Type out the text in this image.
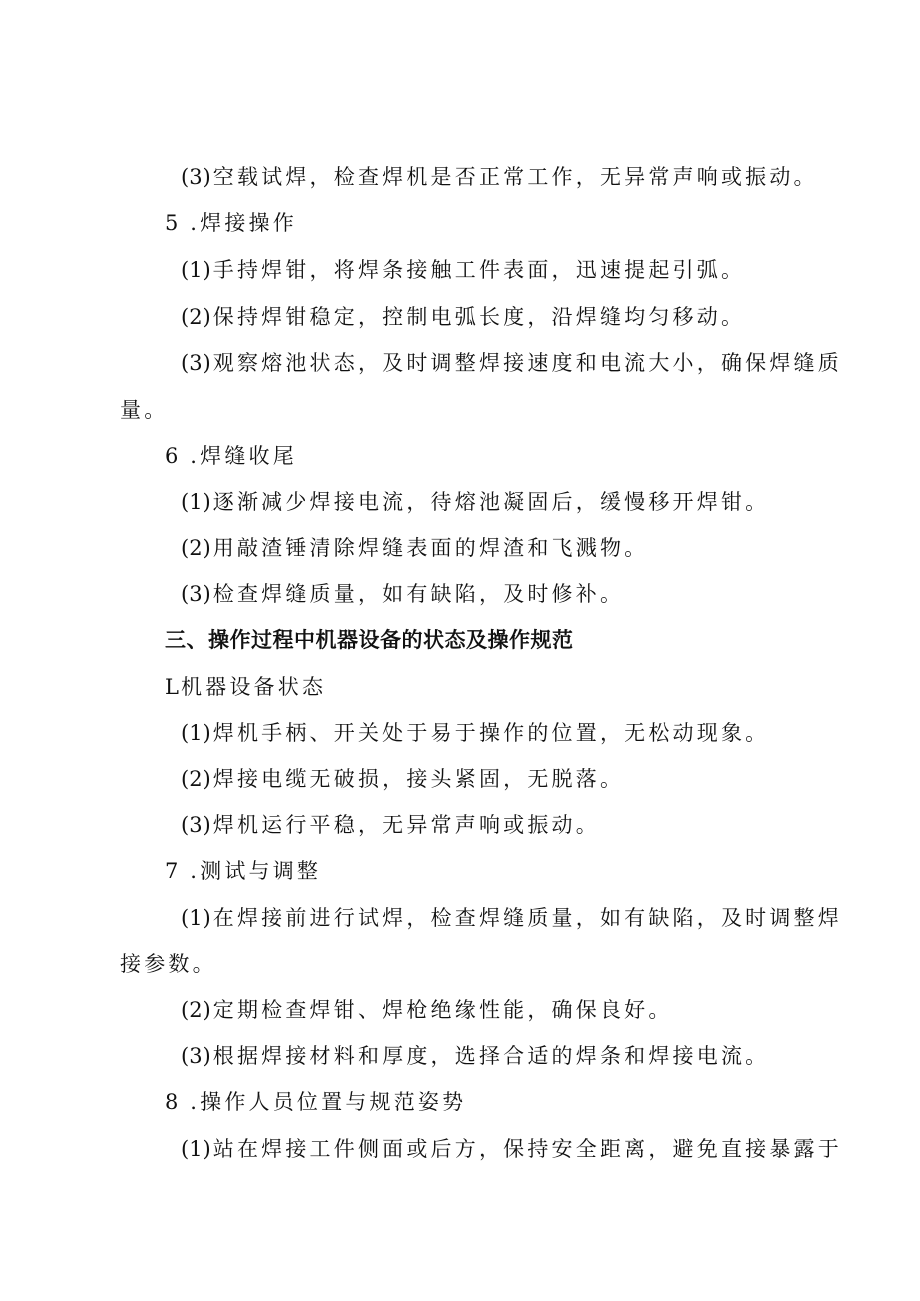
(3)空载试焊，检查焊机是否正常工作，无异常声响或振动。
5 .焊接操作
(1)手持焊钳，将焊条接触工件表面，迅速提起引弧。
(2)保持焊钳稳定，控制电弧长度，沿焊缝均匀移动。
(3)观察熔池状态，及时调整焊接速度和电流大小，确保焊缝质
量。
6 .焊缝收尾
(1)逐渐减少焊接电流，待熔池凝固后，缓慢移开焊钳。
(2)用敲渣锤清除焊缝表面的焊渣和飞溅物。
(3)检查焊缝质量，如有缺陷，及时修补。
三、操作过程中机器设备的状态及操作规范
L机器设备状态
(1)焊机手柄、开关处于易于操作的位置，无松动现象。
(2)焊接电缆无破损，接头紧固，无脱落。
(3)焊机运行平稳，无异常声响或振动。
7 .测试与调整
(1)在焊接前进行试焊，检查焊缝质量，如有缺陷，及时调整焊
接参数。
(2)定期检查焊钳、焊枪绝缘性能，确保良好。
(3)根据焊接材料和厚度，选择合适的焊条和焊接电流。
8 .操作人员位置与规范姿势
(1)站在焊接工件侧面或后方，保持安全距离，避免直接暴露于
